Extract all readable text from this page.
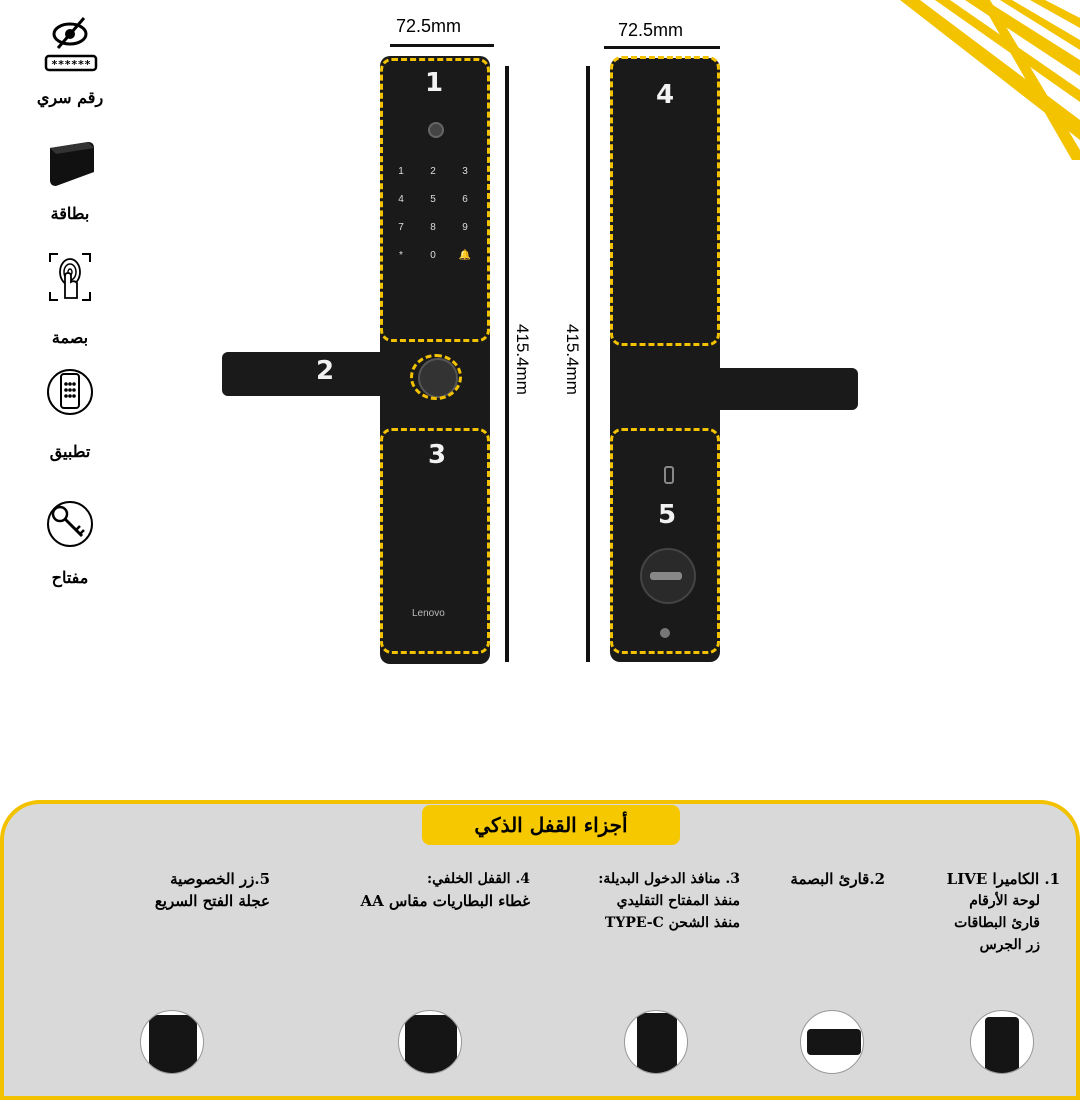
******
رقم سري
بطاقة
بصمة
تطبيق
مفتاح
72.5mm
1	2	3
4	5	6
7	8	9
*	0	🔔
Lenovo
1
2
3
415.4mm
72.5mm
4
5
415.4mm
أجزاء القفل الذكي
1. الكاميرا LIVE
لوحة الأرقام
قارئ البطاقات
زر الجرس
2.قارئ البصمة
3. منافذ الدخول البديلة:
منفذ المفتاح التقليدي
منفذ الشحن TYPE-C
4. القفل الخلفي:
غطاء البطاريات مقاس AA
5.زر الخصوصية
عجلة الفتح السريع
